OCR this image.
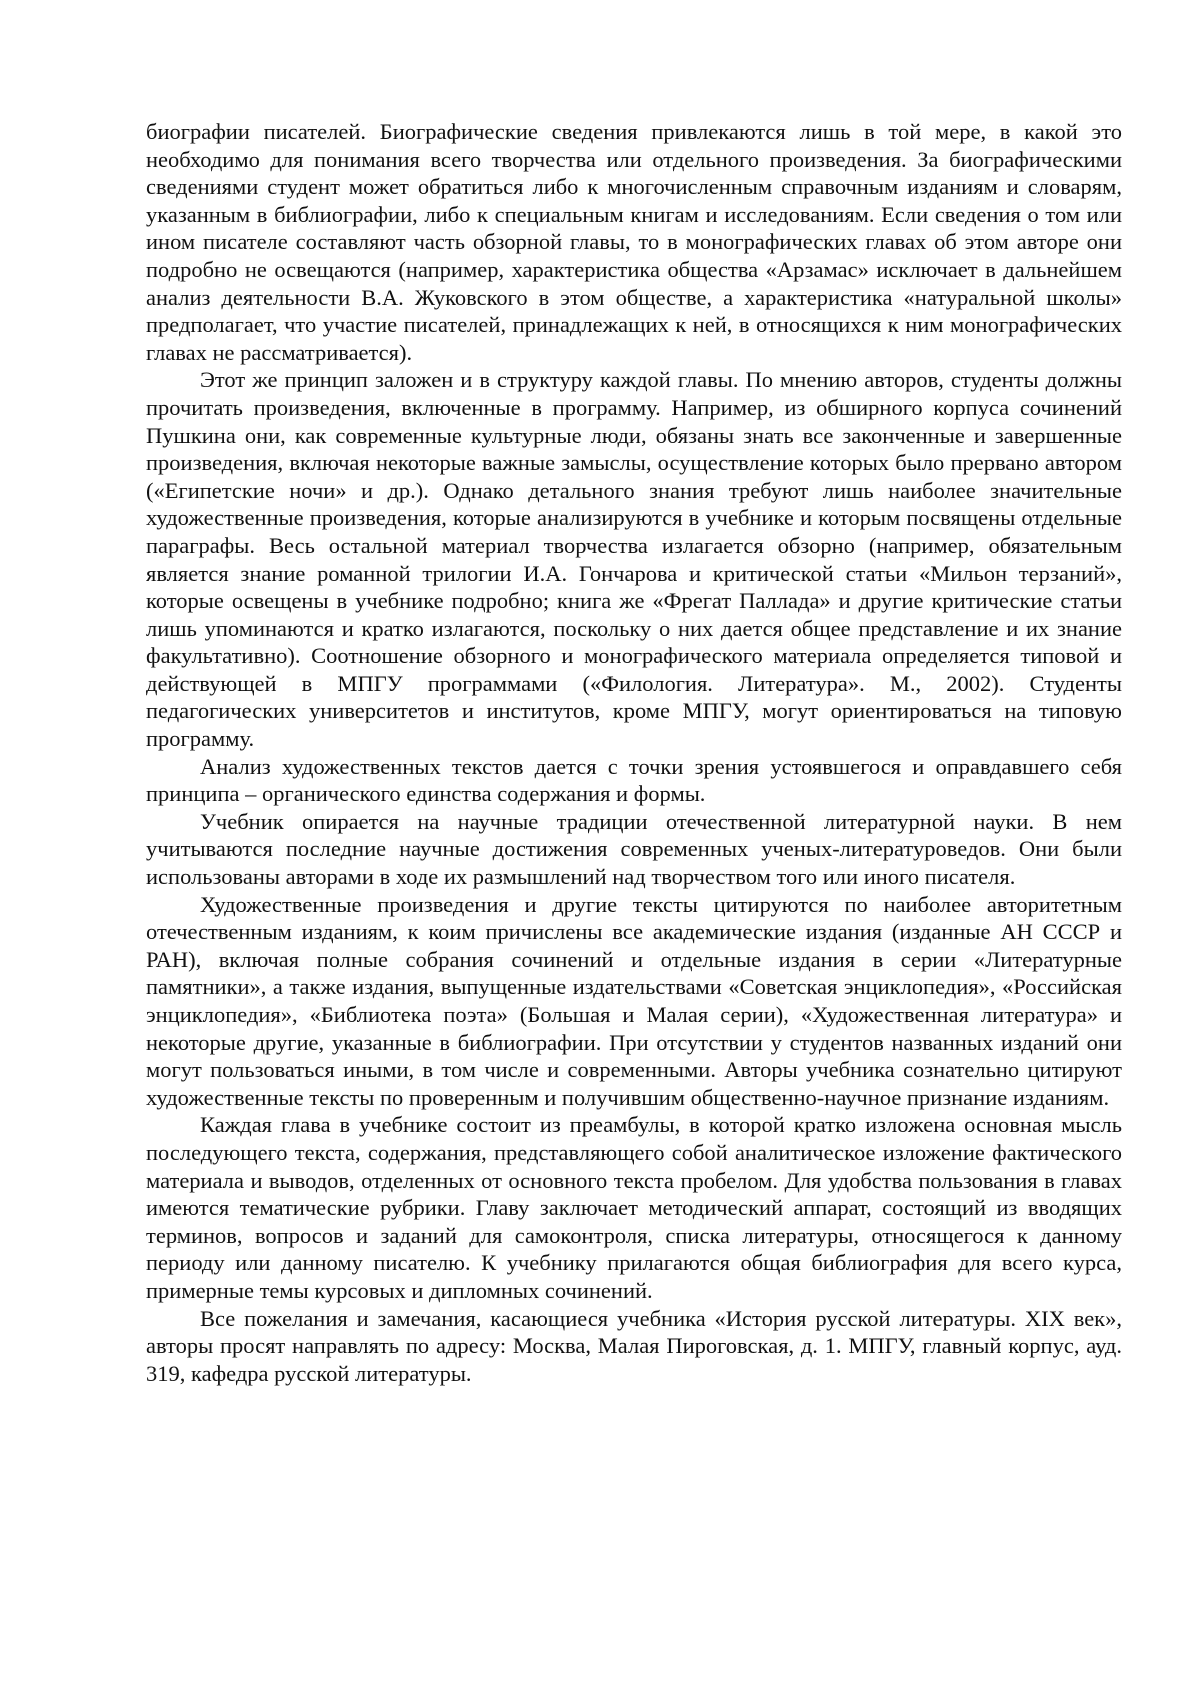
биографии писателей. Биографические сведения привлекаются лишь в той мере, в какой это необходимо для понимания всего творчества или отдельного произведения. За биографическими сведениями студент может обратиться либо к многочисленным справочным изданиям и словарям, указанным в библиографии, либо к специальным книгам и исследованиям. Если сведения о том или ином писателе составляют часть обзорной главы, то в монографических главах об этом авторе они подробно не освещаются (например, характеристика общества «Арзамас» исключает в дальнейшем анализ деятельности В.А. Жуковского в этом обществе, а характеристика «натуральной школы» предполагает, что участие писателей, принадлежащих к ней, в относящихся к ним монографических главах не рассматривается).

Этот же принцип заложен и в структуру каждой главы. По мнению авторов, студенты должны прочитать произведения, включенные в программу. Например, из обширного корпуса сочинений Пушкина они, как современные культурные люди, обязаны знать все законченные и завершенные произведения, включая некоторые важные замыслы, осуществление которых было прервано автором («Египетские ночи» и др.). Однако детального знания требуют лишь наиболее значительные художественные произведения, которые анализируются в учебнике и которым посвящены отдельные параграфы. Весь остальной материал творчества излагается обзорно (например, обязательным является знание романной трилогии И.А. Гончарова и критической статьи «Мильон терзаний», которые освещены в учебнике подробно; книга же «Фрегат Паллада» и другие критические статьи лишь упоминаются и кратко излагаются, поскольку о них дается общее представление и их знание факультативно). Соотношение обзорного и монографического материала определяется типовой и действующей в МПГУ программами («Филология. Литература». М., 2002). Студенты педагогических университетов и институтов, кроме МПГУ, могут ориентироваться на типовую программу.

Анализ художественных текстов дается с точки зрения устоявшегося и оправдавшего себя принципа – органического единства содержания и формы.

Учебник опирается на научные традиции отечественной литературной науки. В нем учитываются последние научные достижения современных ученых-литературоведов. Они были использованы авторами в ходе их размышлений над творчеством того или иного писателя.

Художественные произведения и другие тексты цитируются по наиболее авторитетным отечественным изданиям, к коим причислены все академические издания (изданные АН СССР и РАН), включая полные собрания сочинений и отдельные издания в серии «Литературные памятники», а также издания, выпущенные издательствами «Советская энциклопедия», «Российская энциклопедия», «Библиотека поэта» (Большая и Малая серии), «Художественная литература» и некоторые другие, указанные в библиографии. При отсутствии у студентов названных изданий они могут пользоваться иными, в том числе и современными. Авторы учебника сознательно цитируют художественные тексты по проверенным и получившим общественно-научное признание изданиям.

Каждая глава в учебнике состоит из преамбулы, в которой кратко изложена основная мысль последующего текста, содержания, представляющего собой аналитическое изложение фактического материала и выводов, отделенных от основного текста пробелом. Для удобства пользования в главах имеются тематические рубрики. Главу заключает методический аппарат, состоящий из вводящих терминов, вопросов и заданий для самоконтроля, списка литературы, относящегося к данному периоду или данному писателю. К учебнику прилагаются общая библиография для всего курса, примерные темы курсовых и дипломных сочинений.

Все пожелания и замечания, касающиеся учебника «История русской литературы. XIX век», авторы просят направлять по адресу: Москва, Малая Пироговская, д. 1. МПГУ, главный корпус, ауд. 319, кафедра русской литературы.
